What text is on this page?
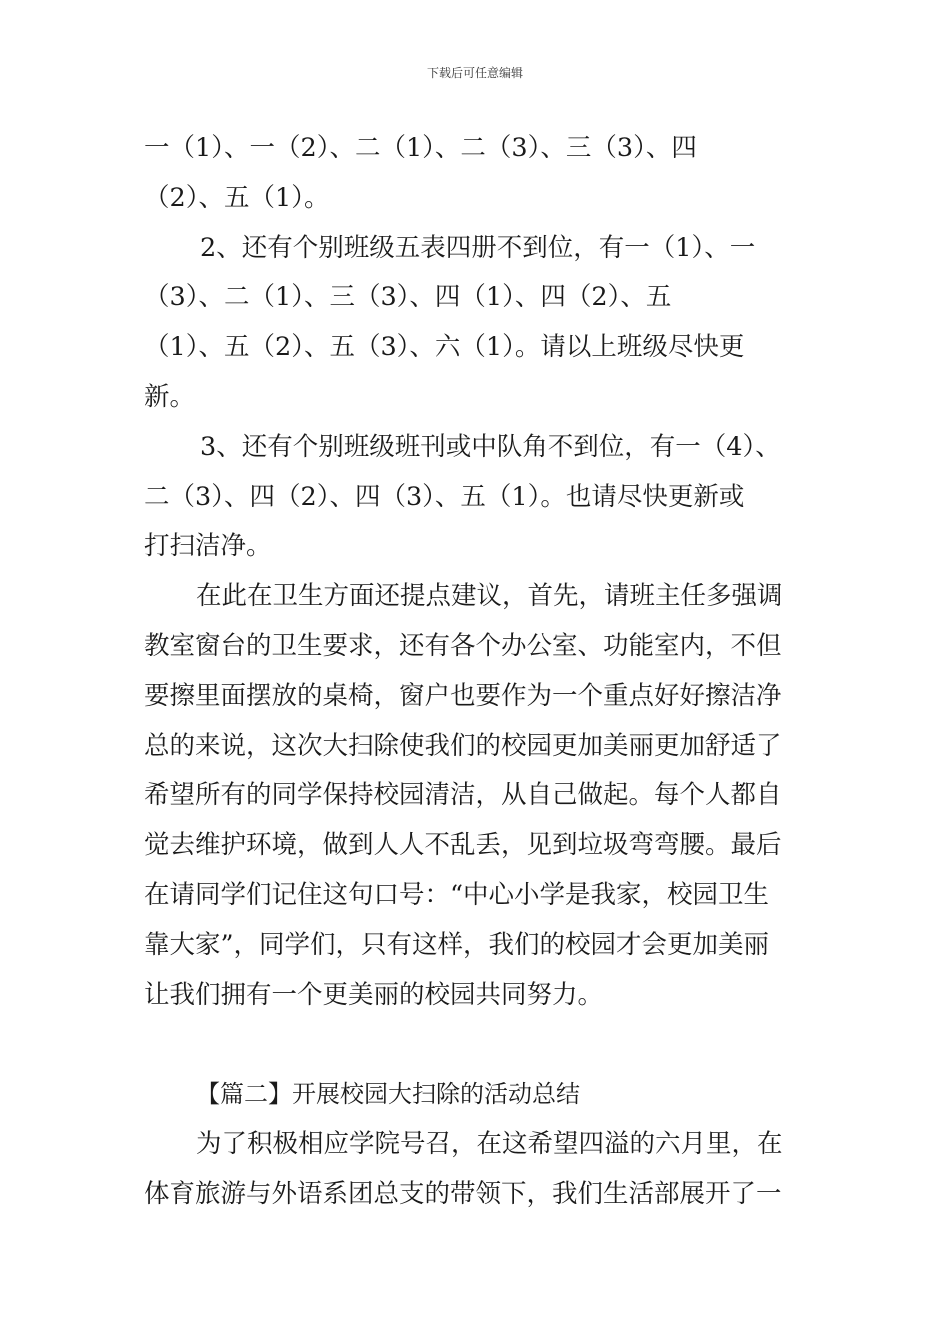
下载后可任意编辑

一（1）、一（2）、二（1）、二（3）、三（3）、四

（2）、五（1）。

2、还有个别班级五表四册不到位，有一（1）、一

（3）、二（1）、三（3）、四（1）、四（2）、五

（1）、五（2）、五（3）、六（1）。请以上班级尽快更

新。

3、还有个别班级班刊或中队角不到位，有一（4）、

二（3）、四（2）、四（3）、五（1）。也请尽快更新或

打扫洁净。

在此在卫生方面还提点建议，首先，请班主任多强调

教室窗台的卫生要求，还有各个办公室、功能室内，不但

要擦里面摆放的桌椅，窗户也要作为一个重点好好擦洁净

总的来说，这次大扫除使我们的校园更加美丽更加舒适了

希望所有的同学保持校园清洁，从自己做起。每个人都自

觉去维护环境，做到人人不乱丢，见到垃圾弯弯腰。最后

在请同学们记住这句口号：“中心小学是我家，校园卫生

靠大家”，同学们，只有这样，我们的校园才会更加美丽

让我们拥有一个更美丽的校园共同努力。

【篇二】开展校园大扫除的活动总结

为了积极相应学院号召，在这希望四溢的六月里，在

体育旅游与外语系团总支的带领下，我们生活部展开了一
